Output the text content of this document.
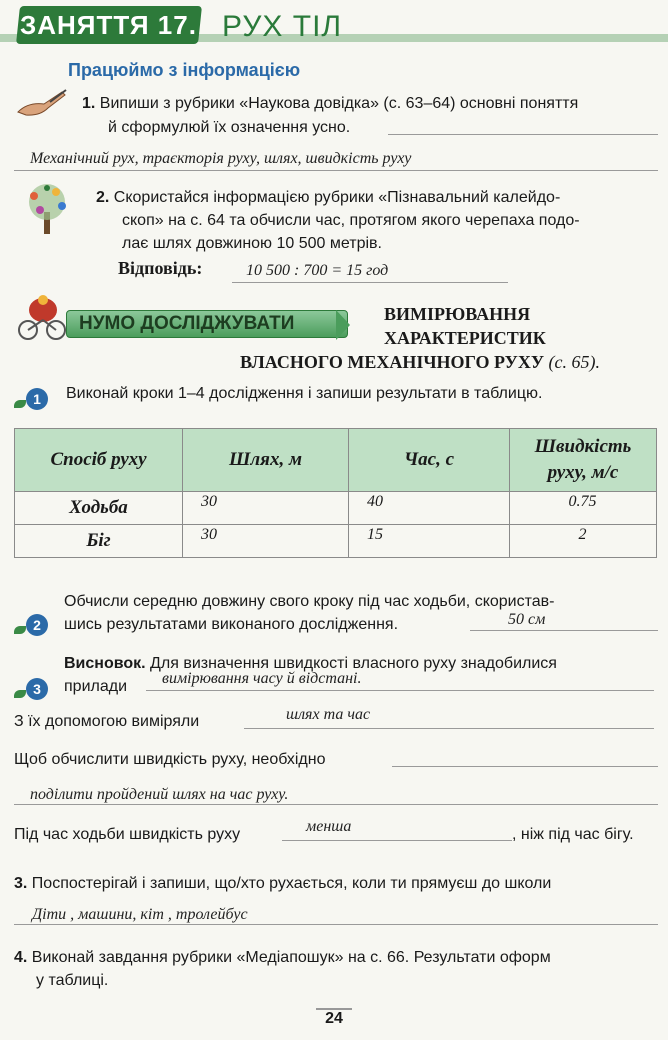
ЗАНЯТТЯ 17. РУХ ТІЛ
Працюймо з інформацією
1. Випиши з рубрики «Наукова довідка» (с. 63–64) основні поняття
й сформулюй їх означення усно.
Механічний рух, траєкторія руху, шлях, швидкість руху
2. Скористайся інформацією рубрики «Пізнавальний калейдо-
скоп» на с. 64 та обчисли час, протягом якого черепаха подо-
лає шлях довжиною 10 500 метрів.
Відповідь:	10 500 : 700 = 15 год
НУМО ДОСЛІДЖУВАТИ	ВИМІРЮВАННЯ
ХАРАКТЕРИСТИК
ВЛАСНОГО МЕХАНІЧНОГО РУХУ (с. 65).
1	Виконай кроки 1–4 дослідження і запиши результати в таблицю.
Спосіб руху	Шлях, м	Час, с	Швидкість
руху, м/с
Ходьба	30	40	0.75
Біг	30	15	2
2
Обчисли середню довжину свого кроку під час ходьби, скористав-
шись результатами виконаного дослідження.	50 см
3
Висновок. Для визначення швидкості власного руху знадобилися
прилади вимірювання часу й відстані.
З їх допомогою виміряли	шлях та час
Щоб обчислити швидкість руху, необхідно
поділити пройдений шлях на час руху.
Під час ходьби швидкість руху	менша	, ніж під час бігу.
3. Поспостерігай і запиши, що/хто рухається, коли ти прямуєш до школи
Діти , машини, кіт , тролейбус
4. Виконай завдання рубрики «Медіапошук» на с. 66. Результати оформ
у таблиці.
24
